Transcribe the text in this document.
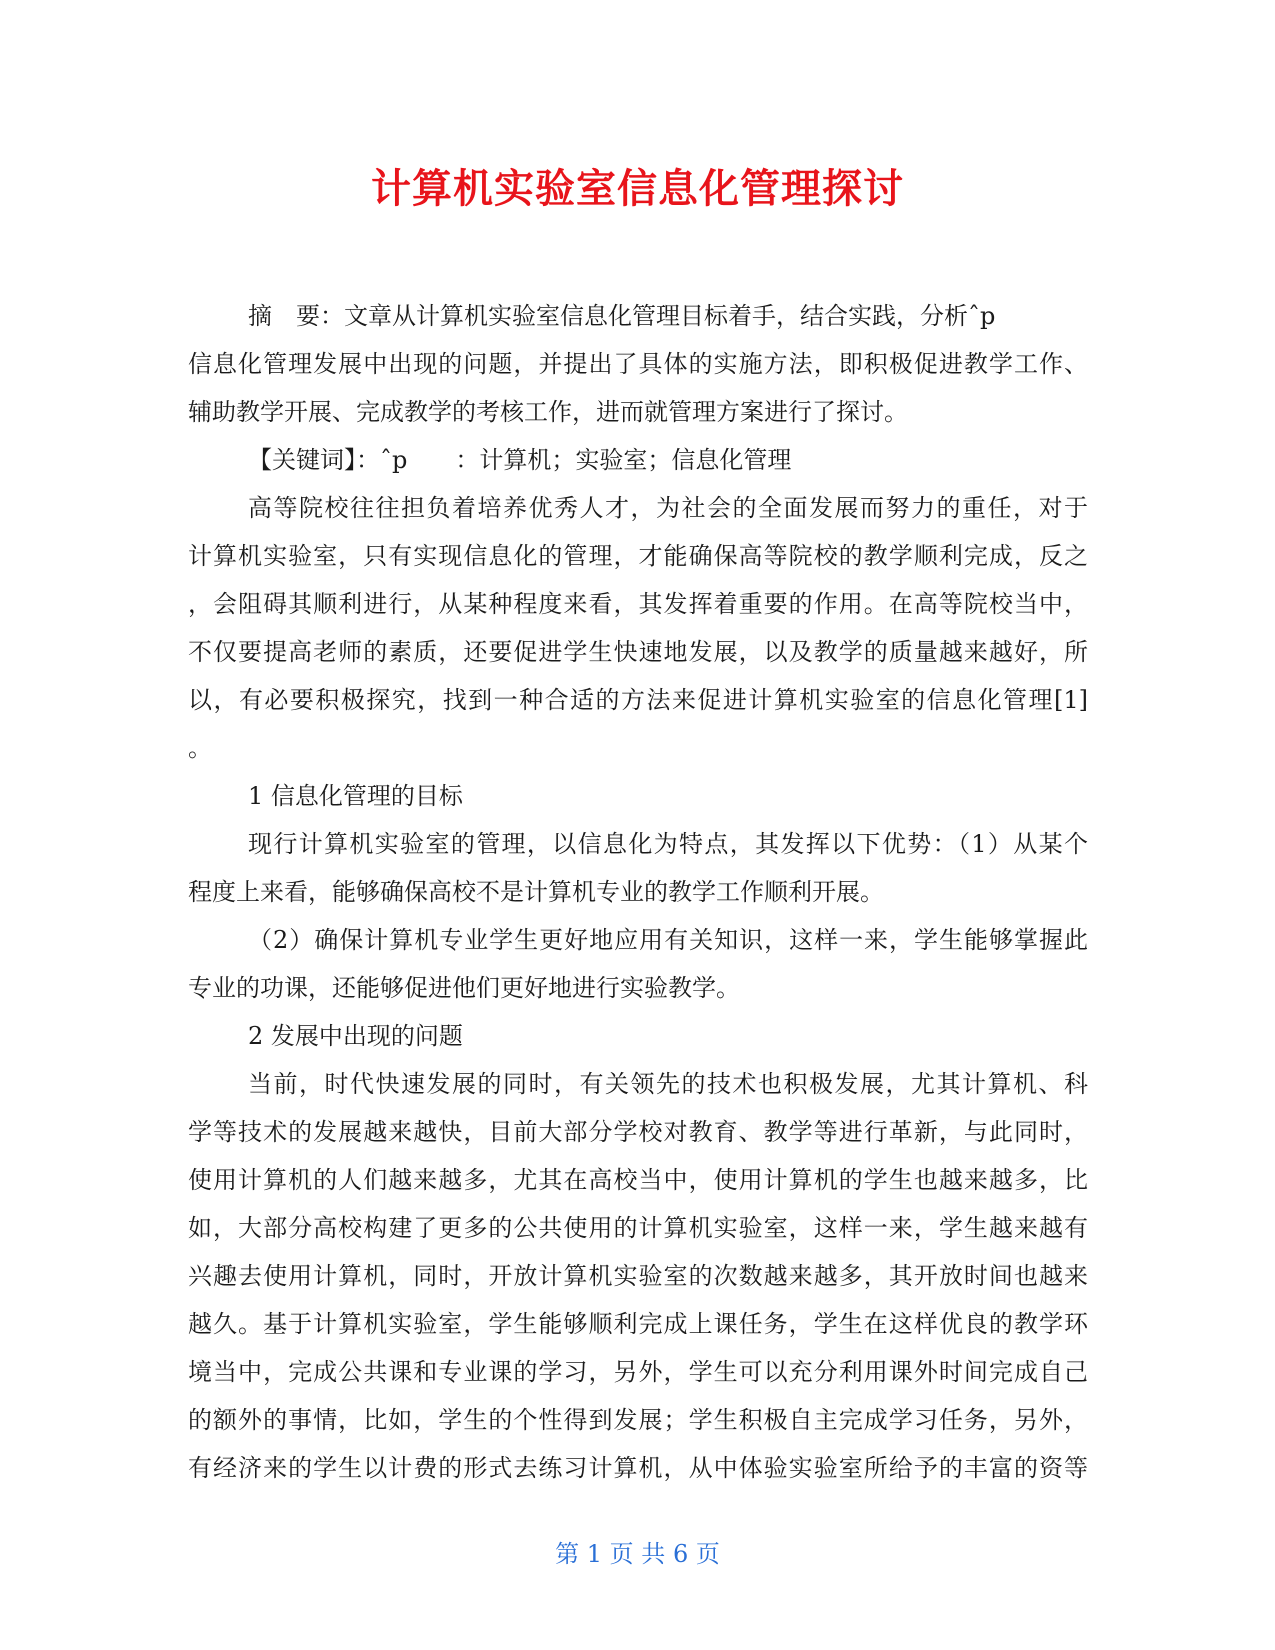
计算机实验室信息化管理探讨
摘　要：文章从计算机实验室信息化管理目标着手，结合实践，分析ˆp
信息化管理发展中出现的问题，并提出了具体的实施方法，即积极促进教学工作、
辅助教学开展、完成教学的考核工作，进而就管理方案进行了探讨。
【关键词】：ˆp　　：计算机；实验室；信息化管理
高等院校往往担负着培养优秀人才，为社会的全面发展而努力的重任，对于
计算机实验室，只有实现信息化的管理，才能确保高等院校的教学顺利完成，反之
，会阻碍其顺利进行，从某种程度来看，其发挥着重要的作用。在高等院校当中，
不仅要提高老师的素质，还要促进学生快速地发展，以及教学的质量越来越好，所
以，有必要积极探究，找到一种合适的方法来促进计算机实验室的信息化管理[1]
。
1 信息化管理的目标
现行计算机实验室的管理，以信息化为特点，其发挥以下优势：（1）从某个
程度上来看，能够确保高校不是计算机专业的教学工作顺利开展。
（2）确保计算机专业学生更好地应用有关知识，这样一来，学生能够掌握此
专业的功课，还能够促进他们更好地进行实验教学。
2 发展中出现的问题
当前，时代快速发展的同时，有关领先的技术也积极发展，尤其计算机、科
学等技术的发展越来越快，目前大部分学校对教育、教学等进行革新，与此同时，
使用计算机的人们越来越多，尤其在高校当中，使用计算机的学生也越来越多，比
如，大部分高校构建了更多的公共使用的计算机实验室，这样一来，学生越来越有
兴趣去使用计算机，同时，开放计算机实验室的次数越来越多，其开放时间也越来
越久。基于计算机实验室，学生能够顺利完成上课任务，学生在这样优良的教学环
境当中，完成公共课和专业课的学习，另外，学生可以充分利用课外时间完成自己
的额外的事情，比如，学生的个性得到发展；学生积极自主完成学习任务，另外，
有经济来的学生以计费的形式去练习计算机，从中体验实验室所给予的丰富的资等
第 1 页 共 6 页
